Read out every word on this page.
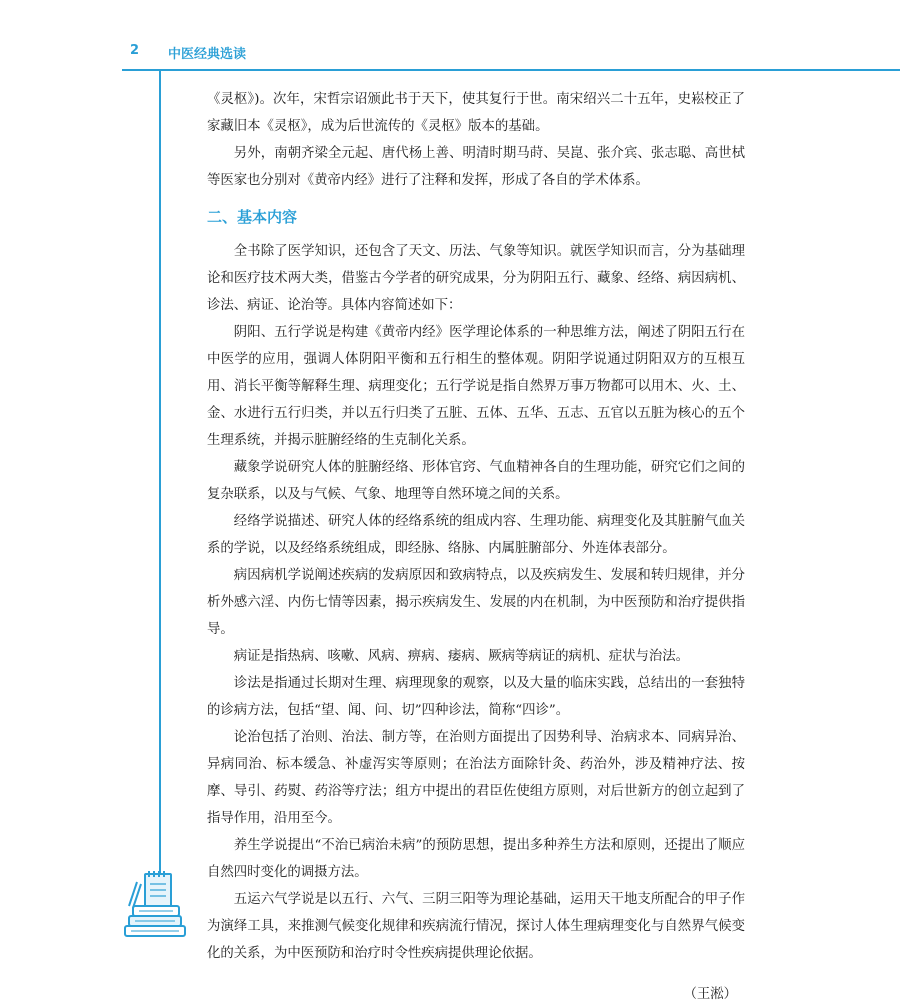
2 中医经典选读

《灵枢》)。次年，宋哲宗诏颁此书于天下，使其复行于世。南宋绍兴二十五年，史崧校正了家藏旧本《灵枢》，成为后世流传的《灵枢》版本的基础。

另外，南朝齐梁全元起、唐代杨上善、明清时期马莳、吴崑、张介宾、张志聪、高世栻等医家也分别对《黄帝内经》进行了注释和发挥，形成了各自的学术体系。

二、基本内容

全书除了医学知识，还包含了天文、历法、气象等知识。就医学知识而言，分为基础理论和医疗技术两大类，借鉴古今学者的研究成果，分为阴阳五行、藏象、经络、病因病机、诊法、病证、论治等。具体内容简述如下：

阴阳、五行学说是构建《黄帝内经》医学理论体系的一种思维方法，阐述了阴阳五行在中医学的应用，强调人体阴阳平衡和五行相生的整体观。阴阳学说通过阴阳双方的互根互用、消长平衡等解释生理、病理变化；五行学说是指自然界万事万物都可以用木、火、土、金、水进行五行归类，并以五行归类了五脏、五体、五华、五志、五官以五脏为核心的五个生理系统，并揭示脏腑经络的生克制化关系。

藏象学说研究人体的脏腑经络、形体官窍、气血精神各自的生理功能，研究它们之间的复杂联系，以及与气候、气象、地理等自然环境之间的关系。

经络学说描述、研究人体的经络系统的组成内容、生理功能、病理变化及其脏腑气血关系的学说，以及经络系统组成，即经脉、络脉、内属脏腑部分、外连体表部分。

病因病机学说阐述疾病的发病原因和致病特点，以及疾病发生、发展和转归规律，并分析外感六淫、内伤七情等因素，揭示疾病发生、发展的内在机制，为中医预防和治疗提供指导。

病证是指热病、咳嗽、风病、痹病、痿病、厥病等病证的病机、症状与治法。

诊法是指通过长期对生理、病理现象的观察，以及大量的临床实践，总结出的一套独特的诊病方法，包括“望、闻、问、切”四种诊法，简称“四诊”。

论治包括了治则、治法、制方等，在治则方面提出了因势利导、治病求本、同病异治、异病同治、标本缓急、补虚泻实等原则；在治法方面除针灸、药治外，涉及精神疗法、按摩、导引、药熨、药浴等疗法；组方中提出的君臣佐使组方原则，对后世新方的创立起到了指导作用，沿用至今。

养生学说提出“不治已病治未病”的预防思想，提出多种养生方法和原则，还提出了顺应自然四时变化的调摄方法。

五运六气学说是以五行、六气、三阴三阳等为理论基础，运用天干地支所配合的甲子作为演绎工具，来推测气候变化规律和疾病流行情况，探讨人体生理病理变化与自然界气候变化的关系，为中医预防和治疗时令性疾病提供理论依据。

（王淞）
